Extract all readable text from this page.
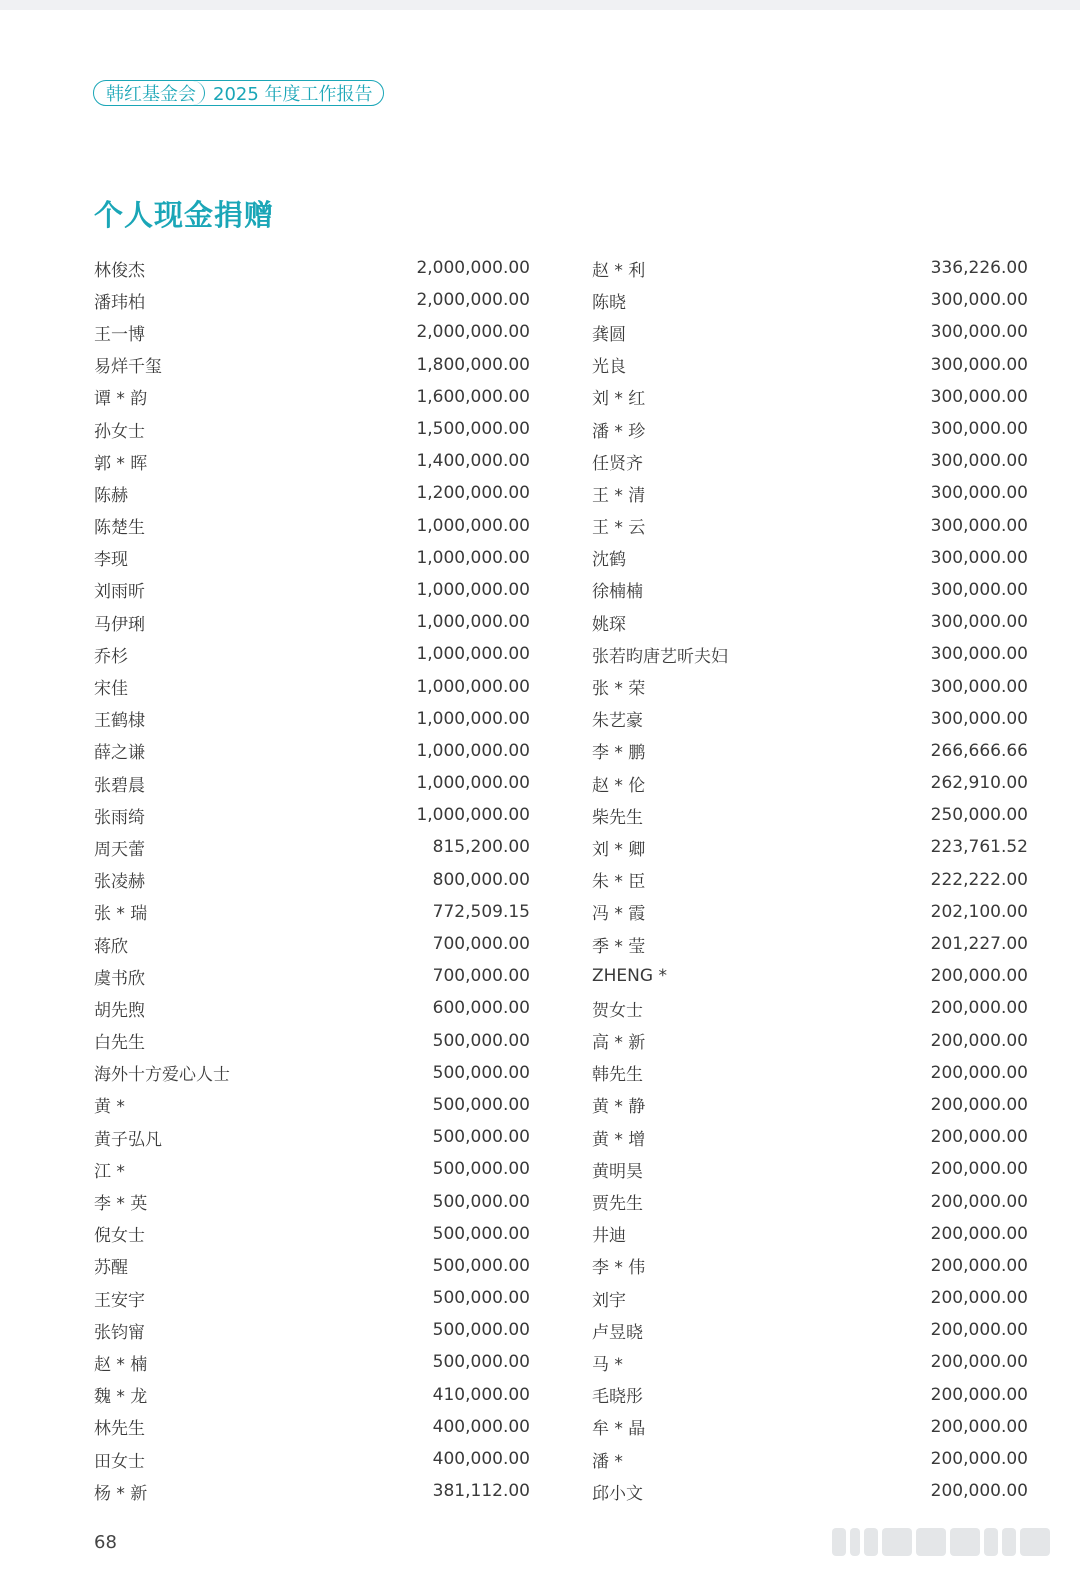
韩红基金会 2025 年度工作报告
个人现金捐赠
林俊杰	2,000,000.00
潘玮柏	2,000,000.00
王一博	2,000,000.00
易烊千玺	1,800,000.00
谭 * 韵	1,600,000.00
孙女士	1,500,000.00
郭 * 晖	1,400,000.00
陈赫	1,200,000.00
陈楚生	1,000,000.00
李现	1,000,000.00
刘雨昕	1,000,000.00
马伊琍	1,000,000.00
乔杉	1,000,000.00
宋佳	1,000,000.00
王鹤棣	1,000,000.00
薛之谦	1,000,000.00
张碧晨	1,000,000.00
张雨绮	1,000,000.00
周天蕾	815,200.00
张凌赫	800,000.00
张 * 瑞	772,509.15
蒋欣	700,000.00
虞书欣	700,000.00
胡先煦	600,000.00
白先生	500,000.00
海外十方爱心人士	500,000.00
黄 *	500,000.00
黄子弘凡	500,000.00
江 *	500,000.00
李 * 英	500,000.00
倪女士	500,000.00
苏醒	500,000.00
王安宇	500,000.00
张钧甯	500,000.00
赵 * 楠	500,000.00
魏 * 龙	410,000.00
林先生	400,000.00
田女士	400,000.00
杨 * 新	381,112.00
赵 * 利	336,226.00
陈晓	300,000.00
龚圆	300,000.00
光良	300,000.00
刘 * 红	300,000.00
潘 * 珍	300,000.00
任贤齐	300,000.00
王 * 清	300,000.00
王 * 云	300,000.00
沈鹤	300,000.00
徐楠楠	300,000.00
姚琛	300,000.00
张若昀唐艺昕夫妇	300,000.00
张 * 荣	300,000.00
朱艺豪	300,000.00
李 * 鹏	266,666.66
赵 * 伦	262,910.00
柴先生	250,000.00
刘 * 卿	223,761.52
朱 * 臣	222,222.00
冯 * 霞	202,100.00
季 * 莹	201,227.00
ZHENG *	200,000.00
贺女士	200,000.00
高 * 新	200,000.00
韩先生	200,000.00
黄 * 静	200,000.00
黄 * 增	200,000.00
黄明昊	200,000.00
贾先生	200,000.00
井迪	200,000.00
李 * 伟	200,000.00
刘宇	200,000.00
卢昱晓	200,000.00
马 *	200,000.00
毛晓彤	200,000.00
牟 * 晶	200,000.00
潘 *	200,000.00
邱小文	200,000.00
68
